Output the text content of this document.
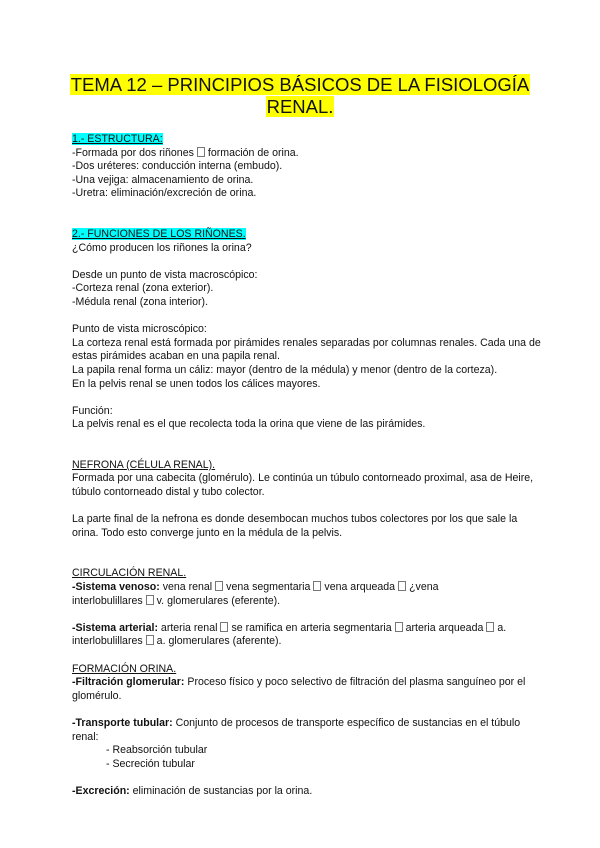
TEMA 12 – PRINCIPIOS BÁSICOS DE LA FISIOLOGÍA
RENAL.

1.- ESTRUCTURA:

-Formada por dos riñones formación de orina.

-Dos uréteres: conducción interna (embudo).

-Una vejiga: almacenamiento de orina.

-Uretra: eliminación/excreción de orina.

2.- FUNCIONES DE LOS RIÑONES.

¿Cómo producen los riñones la orina?

Desde un punto de vista macroscópico:

-Corteza renal (zona exterior).

-Médula renal (zona interior).

Punto de vista microscópico:

La corteza renal está formada por pirámides renales separadas por columnas renales. Cada una de estas pirámides acaban en una papila renal.

La papila renal forma un cáliz: mayor (dentro de la médula) y menor (dentro de la corteza).

En la pelvis renal se unen todos los cálices mayores.

Función:

La pelvis renal es el que recolecta toda la orina que viene de las pirámides.

NEFRONA (CÉLULA RENAL).

Formada por una cabecita (glomérulo). Le continúa un túbulo contorneado proximal, asa de Heire, túbulo contorneado distal y tubo colector.

La parte final de la nefrona es donde desembocan muchos tubos colectores por los que sale la orina. Todo esto converge junto en la médula de la pelvis.

CIRCULACIÓN RENAL.

-Sistema venoso: vena renal vena segmentaria vena arqueada ¿vena

interlobulillares v. glomerulares (eferente).

-Sistema arterial: arteria renal se ramifica en arteria segmentaria arteria arqueada a.

interlobulillares a. glomerulares (aferente).

FORMACIÓN ORINA.

-Filtración glomerular: Proceso físico y poco selectivo de filtración del plasma sanguíneo por el glomérulo.

-Transporte tubular: Conjunto de procesos de transporte específico de sustancias en el túbulo renal:

- Reabsorción tubular

- Secreción tubular

-Excreción: eliminación de sustancias por la orina.
